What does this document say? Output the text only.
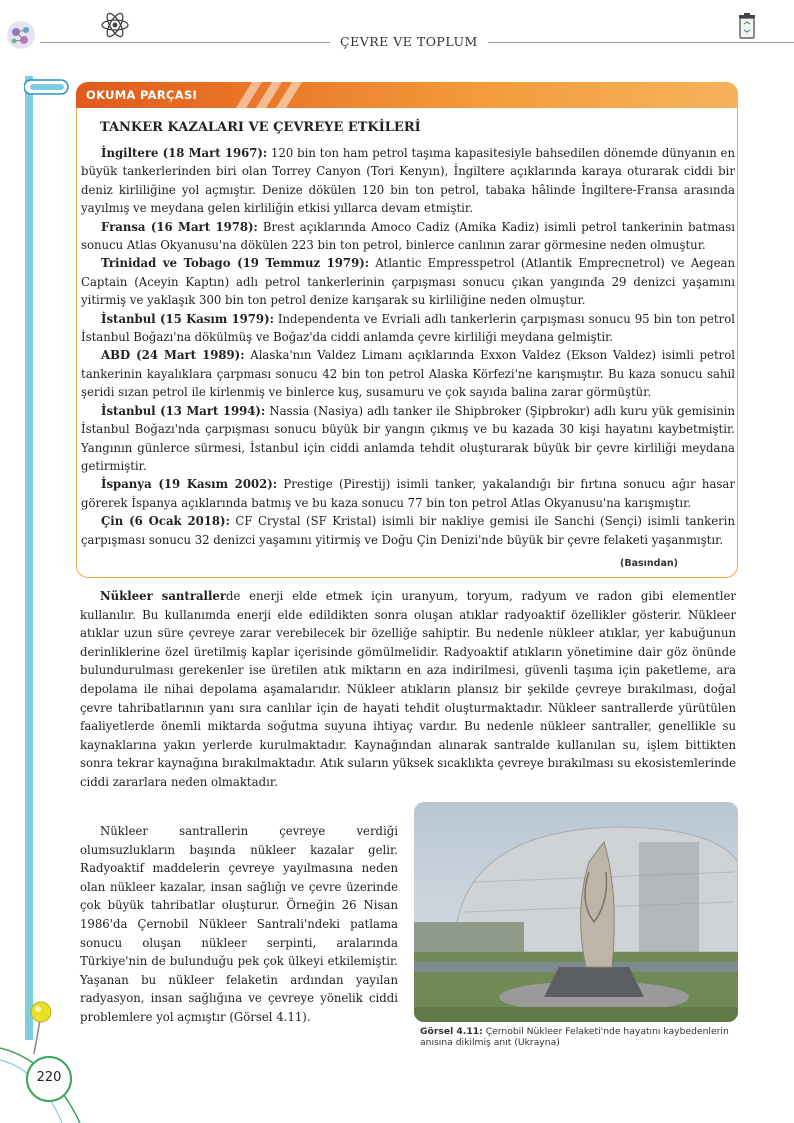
ÇEVRE VE TOPLUM
OKUMA PARÇASI
TANKER KAZALARI VE ÇEVREYE ETKİLERİ

İngiltere (18 Mart 1967): 120 bin ton ham petrol taşıma kapasitesiyle bahsedilen dönemde dünyanın en büyük tankerlerinden biri olan Torrey Canyon (Tori Kenyın), İngiltere açıklarında karaya oturarak ciddi bir deniz kirliliğine yol açmıştır. Denize dökülen 120 bin ton petrol, tabaka hâlinde İngiltere-Fransa arasında yayılmış ve meydana gelen kirliliğin etkisi yıllarca devam etmiştir.

Fransa (16 Mart 1978): Brest açıklarında Amoco Cadiz (Amika Kadiz) isimli petrol tankerinin batması sonucu Atlas Okyanusu'na dökülen 223 bin ton petrol, binlerce canlının zarar görmesine neden olmuştur.

Trinidad ve Tobago (19 Temmuz 1979): Atlantic Empresspetrol (Atlantik Empreспetrol) ve Aegean Captain (Aceyin Kaptın) adlı petrol tankerlerinin çarpışması sonucu çıkan yangında 29 denizci yaşamını yitirmiş ve yaklaşık 300 bin ton petrol denize karışarak su kirliliğine neden olmuştur.

İstanbul (15 Kasım 1979): Independenta ve Evriali adlı tankerlerin çarpışması sonucu 95 bin ton petrol İstanbul Boğazı'na dökülmüş ve Boğaz'da ciddi anlamda çevre kirliliği meydana gelmiştir.

ABD (24 Mart 1989): Alaska'nın Valdez Limanı açıklarında Exxon Valdez (Ekson Valdez) isimli petrol tankerinin kayalıklara çarpması sonucu 42 bin ton petrol Alaska Körfezi'ne karışmıştır. Bu kaza sonucu sahil şeridi sızan petrol ile kirlenmiş ve binlerce kuş, susamuru ve çok sayıda balina zarar görmüştür.

İstanbul (13 Mart 1994): Nassia (Nasiya) adlı tanker ile Shipbroker (Şipbrokır) adlı kuru yük gemisinin İstanbul Boğazı'nda çarpışması sonucu büyük bir yangın çıkmış ve bu kazada 30 kişi hayatını kaybetmiştir. Yangının günlerce sürmesi, İstanbul için ciddi anlamda tehdit oluşturarak büyük bir çevre kirliliği meydana getirmiştir.

İspanya (19 Kasım 2002): Prestige (Pirestij) isimli tanker, yakalandığı bir fırtına sonucu ağır hasar görerek İspanya açıklarında batmış ve bu kaza sonucu 77 bin ton petrol Atlas Okyanusu'na karışmıştır.

Çin (6 Ocak 2018): CF Crystal (SF Kristal) isimli bir nakliye gemisi ile Sanchi (Sençi) isimli tankerin çarpışması sonucu 32 denizci yaşamını yitirmiş ve Doğu Çin Denizi'nde büyük bir çevre felaketi yaşanmıştır.

(Basından)

Nükleer santrallerde enerji elde etmek için uranyum, toryum, radyum ve radon gibi elementler kullanılır. Bu kullanımda enerji elde edildikten sonra oluşan atıklar radyoaktif özellikler gösterir. Nükleer atıklar uzun süre çevreye zarar verebilecek bir özelliğe sahiptir. Bu nedenle nükleer atıklar, yer kabuğunun derinliklerine özel üretilmiş kaplar içerisinde gömülmelidir. Radyoaktif atıkların yönetimine dair göz önünde bulundurulması gerekenler ise üretilen atık miktarın en aza indirilmesi, güvenli taşıma için paketleme, ara depolama ile nihai depolama aşamalarıdır. Nükleer atıkların plansız bir şekilde çevreye bırakılması, doğal çevre tahribatlarının yanı sıra canlılar için de hayati tehdit oluşturmaktadır. Nükleer santrallerde yürütülen faaliyetlerde önemli miktarda soğutma suyuna ihtiyaç vardır. Bu nedenle nükleer santraller, genellikle su kaynaklarına yakın yerlerde kurulmaktadır. Kaynağından alınarak santralde kullanılan su, işlem bittikten sonra tekrar kaynağına bırakılmaktadır. Atık suların yüksek sıcaklıkta çevreye bırakılması su ekosistemlerinde ciddi zararlara neden olmaktadır.

Nükleer santrallerin çevreye verdiği olumsuzlukların başında nükleer kazalar gelir. Radyoaktif maddelerin çevreye yayılmasına neden olan nükleer kazalar, insan sağlığı ve çevre üzerinde çok büyük tahribatlar oluşturur. Örneğin 26 Nisan 1986'da Çernobil Nükleer Santrali'ndeki patlama sonucu oluşan nükleer serpinti, aralarında Türkiye'nin de bulunduğu pek çok ülkeyi etkilemiştir. Yaşanan bu nükleer felaketin ardından yayılan radyasyon, insan sağlığına ve çevreye yönelik ciddi problemlere yol açmıştır (Görsel 4.11).

Görsel 4.11: Çernobil Nükleer Felaketi'nde hayatını kaybedenlerin anısına dikilmiş anıt (Ukrayna)
220
